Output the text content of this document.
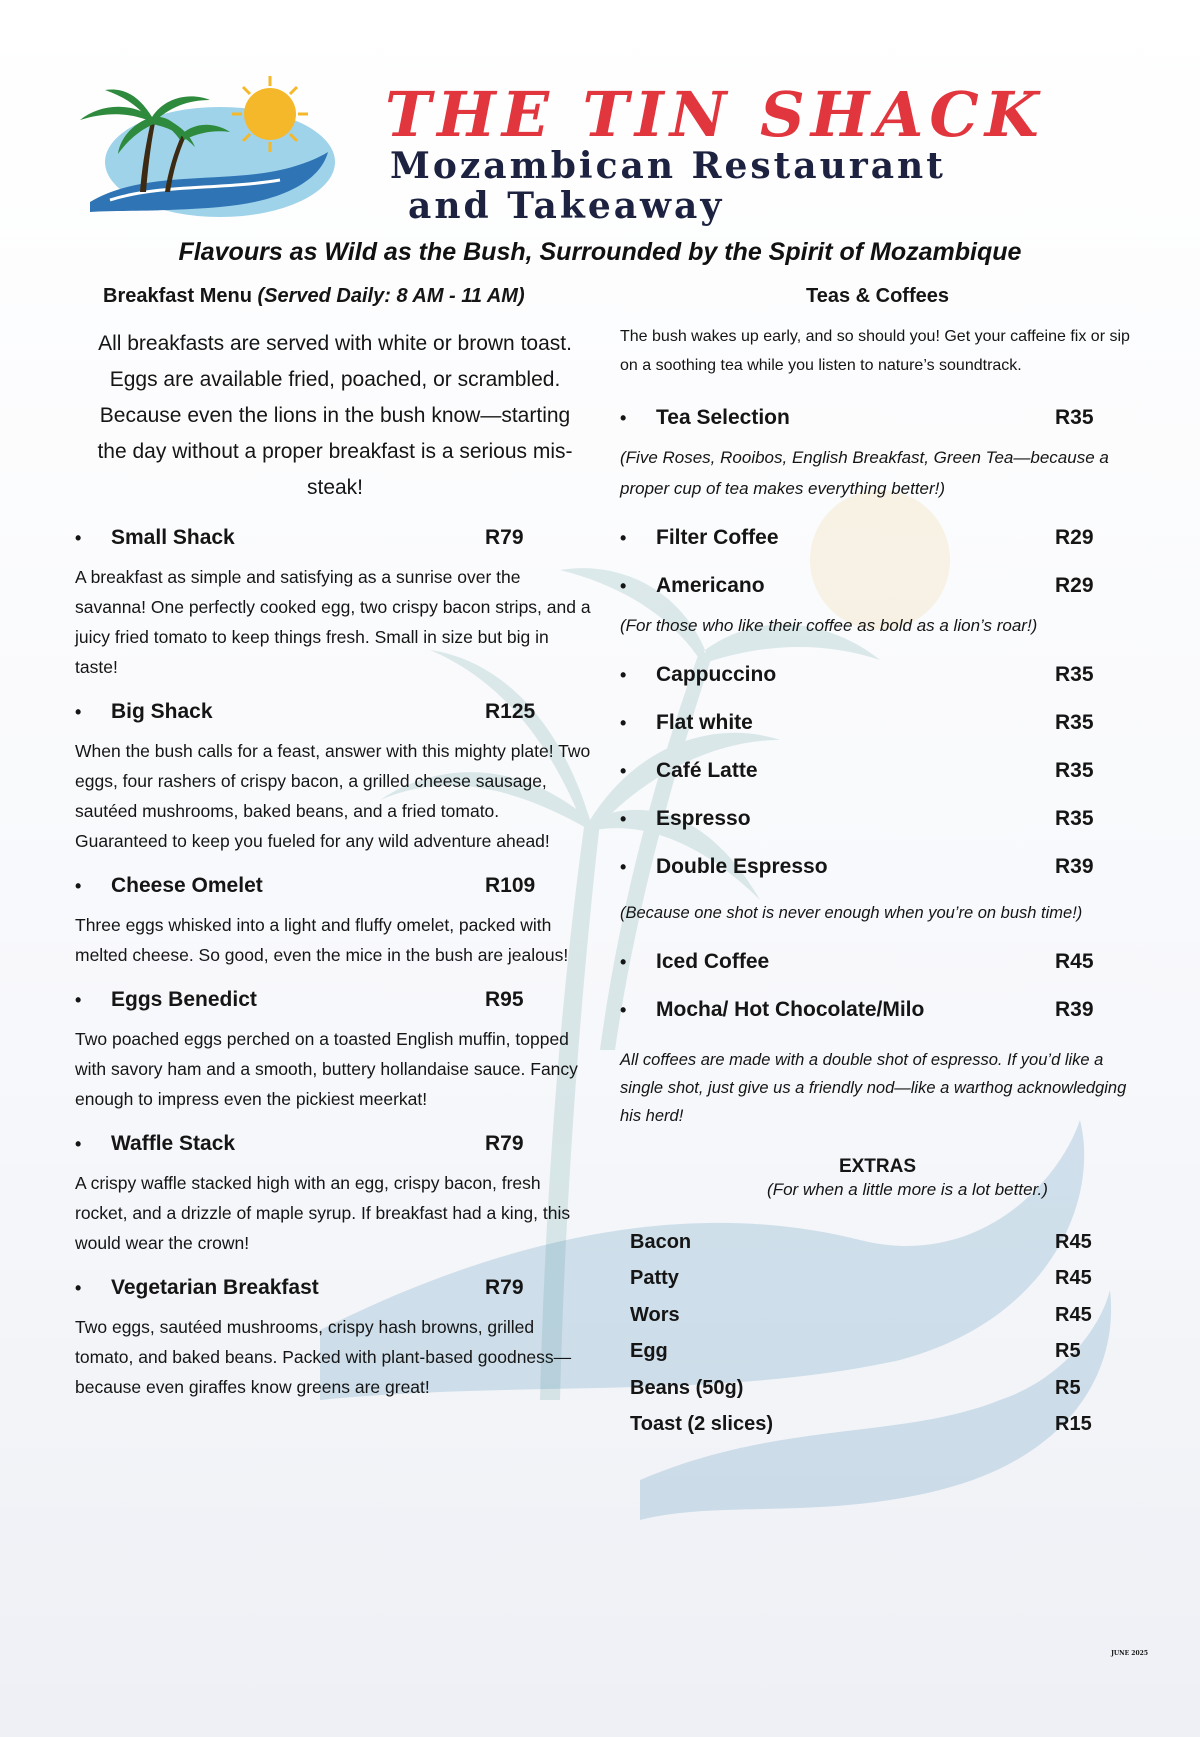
THE TIN SHACK
Mozambican Restaurant
and Takeaway
Flavours as Wild as the Bush, Surrounded by the Spirit of Mozambique
Breakfast Menu (Served Daily: 8 AM - 11 AM)
All breakfasts are served with white or brown toast. Eggs are available fried, poached, or scrambled. Because even the lions in the bush know—starting the day without a proper breakfast is a serious mis-steak!
•	Small Shack	R79
A breakfast as simple and satisfying as a sunrise over the savanna! One perfectly cooked egg, two crispy bacon strips, and a juicy fried tomato to keep things fresh. Small in size but big in taste!
•	Big Shack	R125
When the bush calls for a feast, answer with this mighty plate! Two eggs, four rashers of crispy bacon, a grilled cheese sausage, sautéed mushrooms, baked beans, and a fried tomato. Guaranteed to keep you fueled for any wild adventure ahead!
•	Cheese Omelet	R109
Three eggs whisked into a light and fluffy omelet, packed with melted cheese. So good, even the mice in the bush are jealous!
•	Eggs Benedict	R95
Two poached eggs perched on a toasted English muffin, topped with savory ham and a smooth, buttery hollandaise sauce. Fancy enough to impress even the pickiest meerkat!
•	Waffle Stack	R79
A crispy waffle stacked high with an egg, crispy bacon, fresh rocket, and a drizzle of maple syrup. If breakfast had a king, this would wear the crown!
•	Vegetarian Breakfast	R79
Two eggs, sautéed mushrooms, crispy hash browns, grilled tomato, and baked beans. Packed with plant-based goodness—because even giraffes know greens are great!
Teas & Coffees
The bush wakes up early, and so should you! Get your caffeine fix or sip on a soothing tea while you listen to nature’s soundtrack.
•	Tea Selection	R35
(Five Roses, Rooibos, English Breakfast, Green Tea—because a proper cup of tea makes everything better!)
•	Filter Coffee	R29
•	Americano	R29
(For those who like their coffee as bold as a lion’s roar!)
•	Cappuccino	R35
•	Flat white	R35
•	Café Latte	R35
•	Espresso	R35
•	Double Espresso	R39
(Because one shot is never enough when you’re on bush time!)
•	Iced Coffee	R45
•	Mocha/ Hot Chocolate/Milo	R39
All coffees are made with a double shot of espresso. If you’d like a single shot, just give us a friendly nod—like a warthog acknowledging his herd!
EXTRAS
(For when a little more is a lot better.)
Bacon	R45
Patty	R45
Wors	R45
Egg	R5
Beans (50g)	R5
Toast (2 slices)	R15
JUNE 2025
